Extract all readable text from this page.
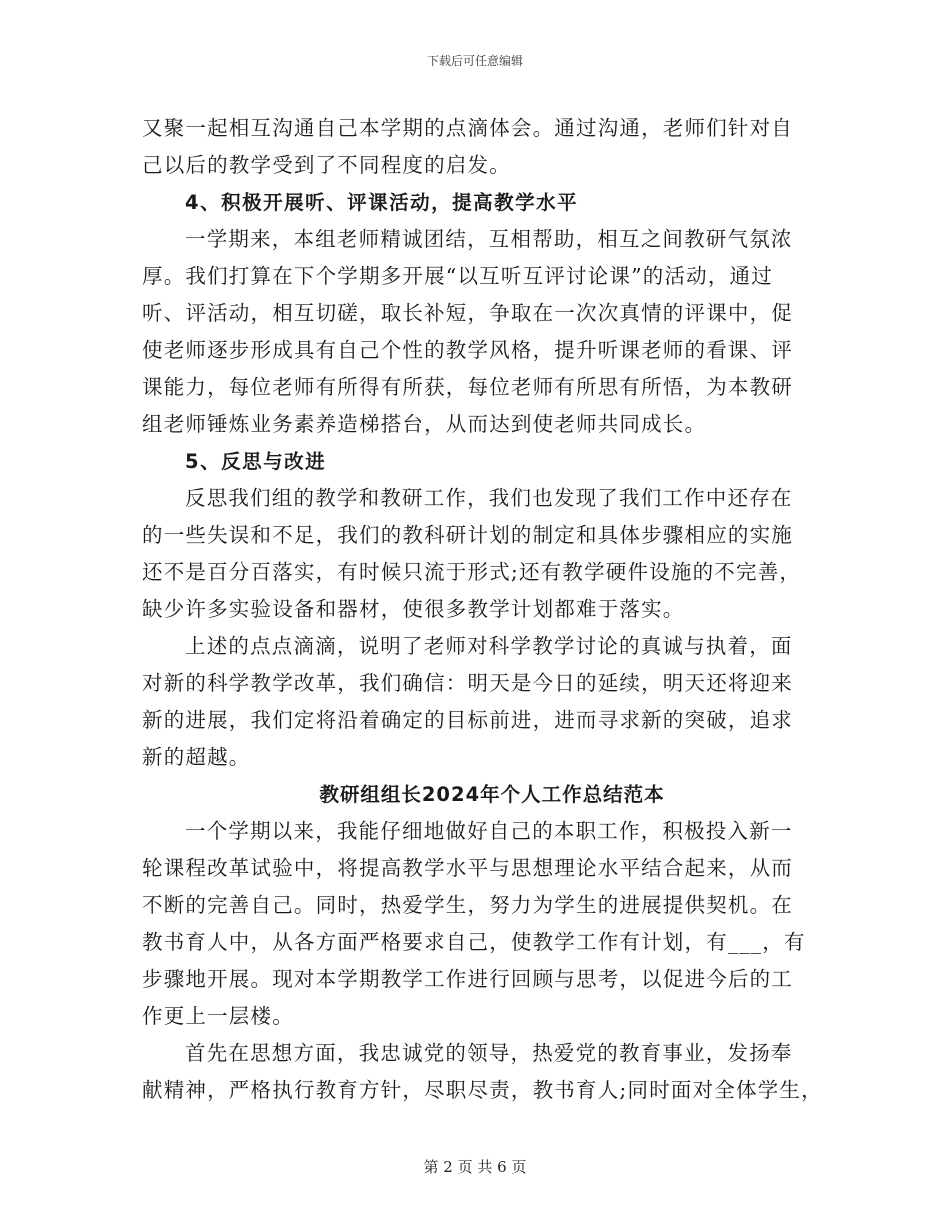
下载后可任意编辑
又聚一起相互沟通自己本学期的点滴体会。通过沟通，老师们针对自
己以后的教学受到了不同程度的启发。
4、积极开展听、评课活动，提高教学水平
一学期来，本组老师精诚团结，互相帮助，相互之间教研气氛浓
厚。我们打算在下个学期多开展“以互听互评讨论课”的活动，通过
听、评活动，相互切磋，取长补短，争取在一次次真情的评课中，促
使老师逐步形成具有自己个性的教学风格，提升听课老师的看课、评
课能力，每位老师有所得有所获，每位老师有所思有所悟，为本教研
组老师锤炼业务素养造梯搭台，从而达到使老师共同成长。
5、反思与改进
反思我们组的教学和教研工作，我们也发现了我们工作中还存在
的一些失误和不足，我们的教科研计划的制定和具体步骤相应的实施
还不是百分百落实，有时候只流于形式;还有教学硬件设施的不完善，
缺少许多实验设备和器材，使很多教学计划都难于落实。
上述的点点滴滴，说明了老师对科学教学讨论的真诚与执着，面
对新的科学教学改革，我们确信：明天是今日的延续，明天还将迎来
新的进展，我们定将沿着确定的目标前进，进而寻求新的突破，追求
新的超越。
教研组组长2024年个人工作总结范本
一个学期以来，我能仔细地做好自己的本职工作，积极投入新一
轮课程改革试验中，将提高教学水平与思想理论水平结合起来，从而
不断的完善自己。同时，热爱学生，努力为学生的进展提供契机。在
教书育人中，从各方面严格要求自己，使教学工作有计划，有___，有
步骤地开展。现对本学期教学工作进行回顾与思考，以促进今后的工
作更上一层楼。
首先在思想方面，我忠诚党的领导，热爱党的教育事业，发扬奉
献精神，严格执行教育方针，尽职尽责，教书育人;同时面对全体学生，
第 2 页 共 6 页
